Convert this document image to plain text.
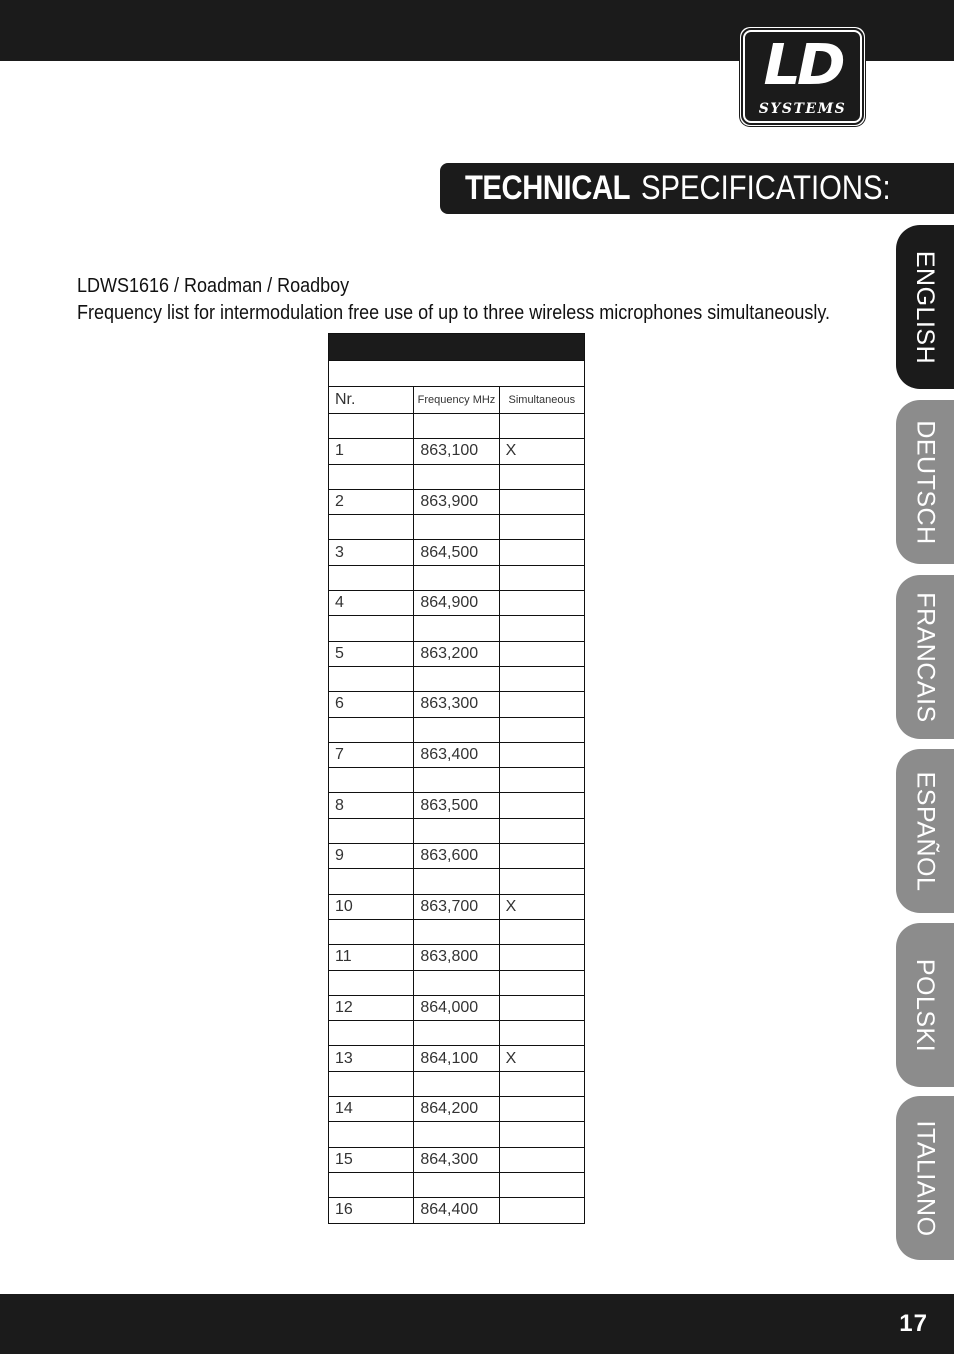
LD
SYSTEMS
TECHNICAL SPECIFICATIONS:
ENGLISH
DEUTSCH
FRANCAIS
ESPAÑOL
POLSKI
ITALIANO
LDWS1616 / Roadman / Roadboy
Frequency list for intermodulation free use of up to three wireless microphones simultaneously.

Nr.	Frequency MHz	Simultaneous

1	863,100	X

2	863,900	

3	864,500	

4	864,900	

5	863,200	

6	863,300	

7	863,400	

8	863,500	

9	863,600	

10	863,700	X

11	863,800	

12	864,000	

13	864,100	X

14	864,200	

15	864,300	

16	864,400	
17
